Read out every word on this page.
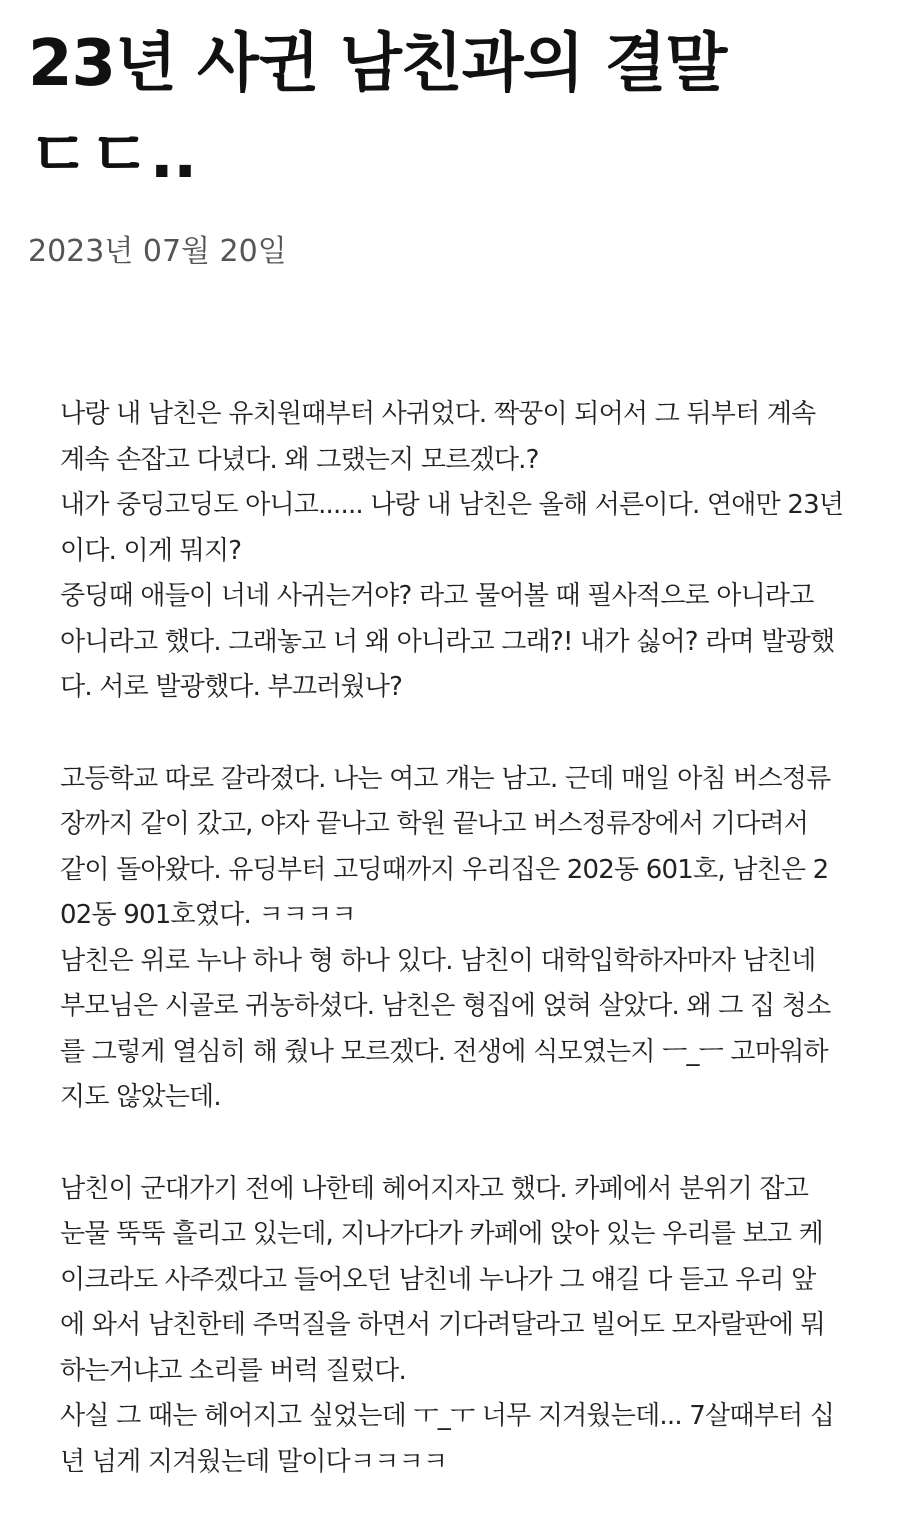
23년 사귄 남친과의 결말 ㄷㄷ..
2023년 07월 20일
나랑 내 남친은 유치원때부터 사귀었다. 짝꿍이 되어서 그 뒤부터 계속
계속 손잡고 다녔다. 왜 그랬는지 모르겠다.?
내가 중딩고딩도 아니고...... 나랑 내 남친은 올해 서른이다. 연애만 23년
이다. 이게 뭐지?
중딩때 애들이 너네 사귀는거야? 라고 물어볼 때 필사적으로 아니라고
아니라고 했다. 그래놓고 너 왜 아니라고 그래?! 내가 싫어? 라며 발광했
다. 서로 발광했다. 부끄러웠나?
고등학교 따로 갈라졌다. 나는 여고 걔는 남고. 근데 매일 아침 버스정류
장까지 같이 갔고, 야자 끝나고 학원 끝나고 버스정류장에서 기다려서
같이 돌아왔다. 유딩부터 고딩때까지 우리집은 202동 601호, 남친은 2
02동 901호였다. ㅋㅋㅋㅋ
남친은 위로 누나 하나 형 하나 있다. 남친이 대학입학하자마자 남친네
부모님은 시골로 귀농하셨다. 남친은 형집에 얹혀 살았다. 왜 그 집 청소
를 그렇게 열심히 해 줬나 모르겠다. 전생에 식모였는지 ㅡ_ㅡ 고마워하
지도 않았는데.
남친이 군대가기 전에 나한테 헤어지자고 했다. 카페에서 분위기 잡고
눈물 뚝뚝 흘리고 있는데, 지나가다가 카페에 앉아 있는 우리를 보고 케
이크라도 사주겠다고 들어오던 남친네 누나가 그 얘길 다 듣고 우리 앞
에 와서 남친한테 주먹질을 하면서 기다려달라고 빌어도 모자랄판에 뭐
하는거냐고 소리를 버럭 질렀다.
사실 그 때는 헤어지고 싶었는데 ㅜ_ㅜ 너무 지겨웠는데... 7살때부터 십
년 넘게 지겨웠는데 말이다ㅋㅋㅋㅋ
